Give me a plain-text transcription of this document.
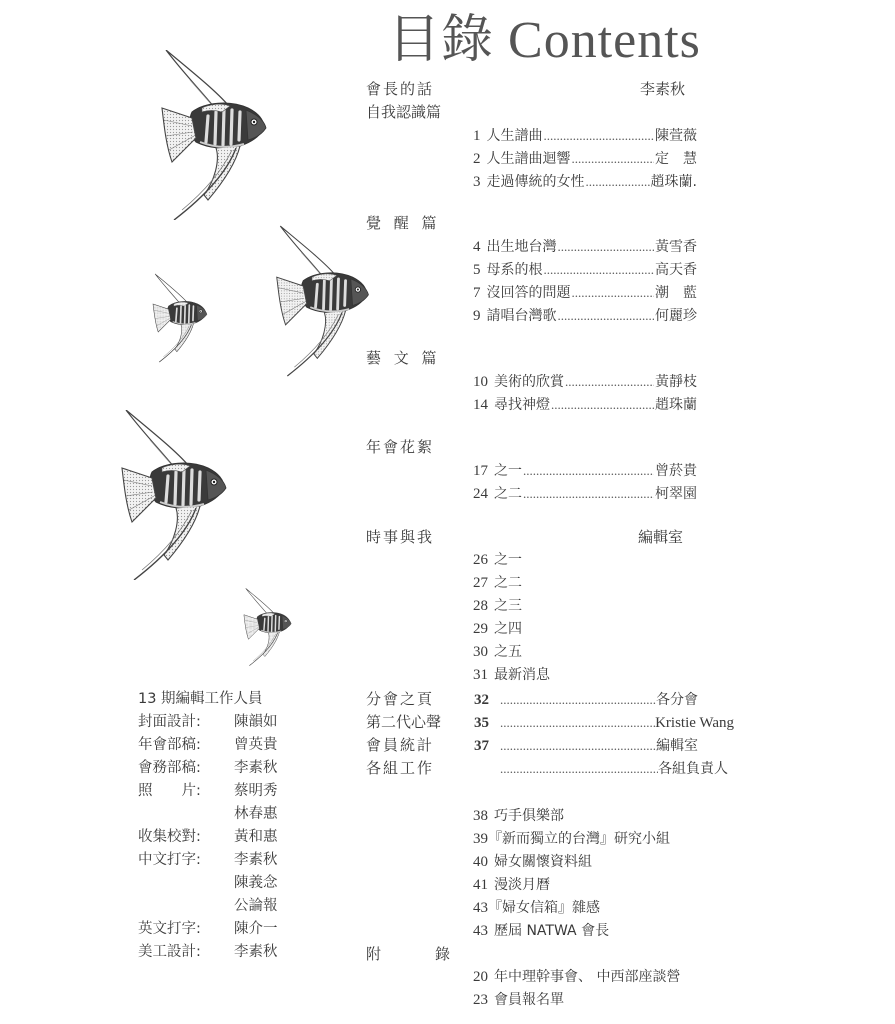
目錄 Contents
會長的話	李素秋
自我認識篇
1 人生譜曲 .....	陳萱薇
2 人生譜曲迴響 .....	定　慧
3 走過傳統的女性 .....	趙珠蘭.
覺 醒 篇
4 出生地台灣 .....	黃雪香
5 母系的根 .....	高天香
7 沒回答的問題 .....	潮　藍
9 請唱台灣歌 .....	何麗珍
藝 文 篇
10 美術的欣賞 .....	黃靜枝
14 尋找神燈 .....	趙珠蘭
年會花絮
17 之一 .....	曾菸貴
24 之二 .....	柯翠園
時事與我	編輯室
26 之一
27 之二
28 之三
29 之四
30 之五
31 最新消息
分會之頁	32 .....	各分會
第二代心聲	35 .....	Kristie Wang
會員統計	37 .....	編輯室
各組工作 .....	各組負責人
38 巧手俱樂部
39 『新而獨立的台灣』研究小組
40 婦女關懷資料組
41 漫淡月曆
43 『婦女信箱』雜感
43 歷屆 NATWA 會長
附　　錄
20 年中理幹事會、 中西部座談營
23 會員報名單
13 期編輯工作人員
封面設計: 陳韻如
年會部稿: 曾英貴
會務部稿: 李素秋
照　　片: 蔡明秀
林春惠
收集校對: 黃和惠
中文打字: 李素秋
陳義念
公論報
英文打字: 陳介一
美工設計: 李素秋
